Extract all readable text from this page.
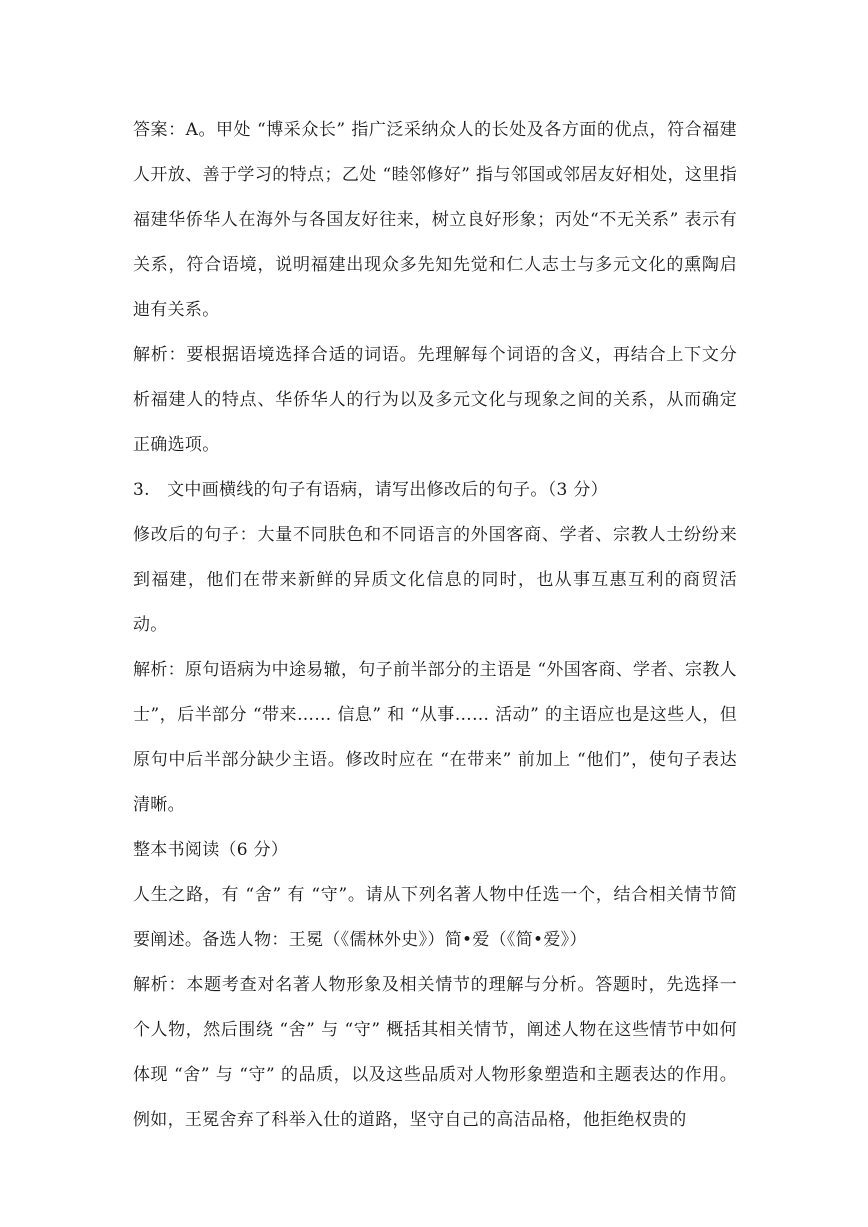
答案：A。甲处 “博采众长” 指广泛采纳众人的长处及各方面的优点，符合福建人开放、善于学习的特点；乙处 “睦邻修好” 指与邻国或邻居友好相处，这里指福建华侨华人在海外与各国友好往来，树立良好形象；丙处“不无关系” 表示有关系，符合语境，说明福建出现众多先知先觉和仁人志士与多元文化的熏陶启迪有关系。

解析：要根据语境选择合适的词语。先理解每个词语的含义，再结合上下文分析福建人的特点、华侨华人的行为以及多元文化与现象之间的关系，从而确定正确选项。

3.　文中画横线的句子有语病，请写出修改后的句子。（3 分）

修改后的句子：大量不同肤色和不同语言的外国客商、学者、宗教人士纷纷来到福建，他们在带来新鲜的异质文化信息的同时，也从事互惠互利的商贸活动。

解析：原句语病为中途易辙，句子前半部分的主语是 “外国客商、学者、宗教人士”，后半部分 “带来…… 信息” 和 “从事…… 活动” 的主语应也是这些人，但原句中后半部分缺少主语。修改时应在 “在带来” 前加上 “他们”，使句子表达清晰。

整本书阅读（6 分）

人生之路，有 “舍” 有 “守”。请从下列名著人物中任选一个，结合相关情节简要阐述。备选人物：王冕（《儒林外史》）简•爱（《简•爱》）

解析：本题考查对名著人物形象及相关情节的理解与分析。答题时，先选择一个人物，然后围绕 “舍” 与 “守” 概括其相关情节，阐述人物在这些情节中如何体现 “舍” 与 “守” 的品质，以及这些品质对人物形象塑造和主题表达的作用。例如，王冕舍弃了科举入仕的道路，坚守自己的高洁品格，他拒绝权贵的
